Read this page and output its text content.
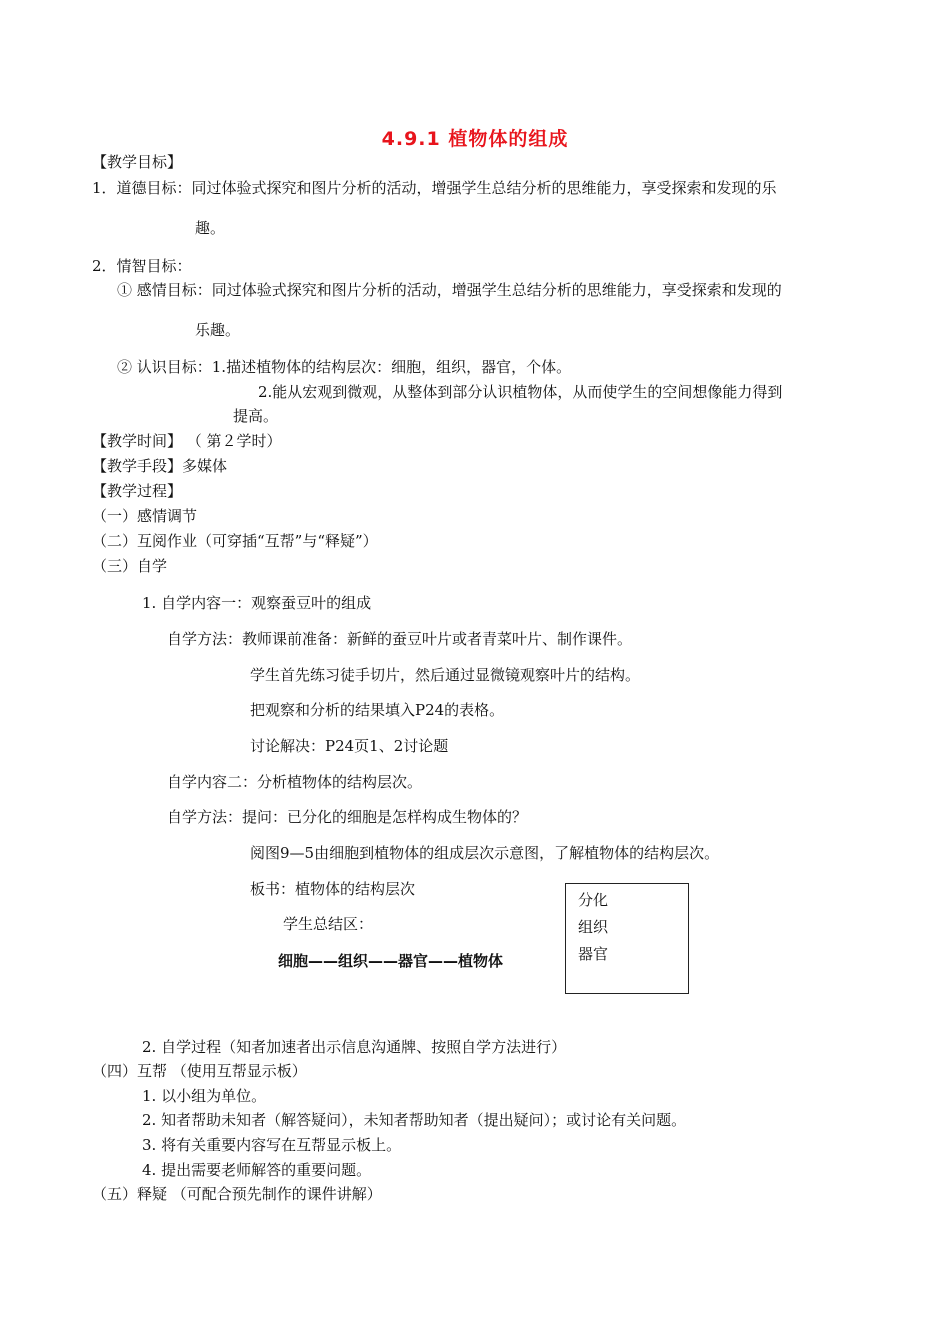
4.9.1 植物体的组成
【教学目标】
1．道德目标：同过体验式探究和图片分析的活动，增强学生总结分析的思维能力，享受探索和发现的乐
趣。
2．情智目标：
① 感情目标：同过体验式探究和图片分析的活动，增强学生总结分析的思维能力，享受探索和发现的
乐趣。
② 认识目标：1.描述植物体的结构层次：细胞，组织，器官，个体。
2.能从宏观到微观，从整体到部分认识植物体，从而使学生的空间想像能力得到
提高。
【教学时间】 （ 第２学时）
【教学手段】多媒体
【教学过程】
（一）感情调节
（二）互阅作业（可穿插“互帮”与“释疑”）
（三）自学
1. 自学内容一：观察蚕豆叶的组成
自学方法：教师课前准备：新鲜的蚕豆叶片或者青菜叶片、制作课件。
学生首先练习徒手切片，然后通过显微镜观察叶片的结构。
把观察和分析的结果填入P24的表格。
讨论解决：P24页1、2讨论题
自学内容二：分析植物体的结构层次。
自学方法：提问：已分化的细胞是怎样构成生物体的？
阅图9—5由细胞到植物体的组成层次示意图，了解植物体的结构层次。
板书：植物体的结构层次
学生总结区：
细胞——组织——器官——植物体
分化
组织
器官
2. 自学过程（知者加速者出示信息沟通牌、按照自学方法进行）
（四）互帮 （使用互帮显示板）
1. 以小组为单位。
2. 知者帮助未知者（解答疑问），未知者帮助知者（提出疑问）；或讨论有关问题。
3. 将有关重要内容写在互帮显示板上。
4. 提出需要老师解答的重要问题。
（五）释疑 （可配合预先制作的课件讲解）
